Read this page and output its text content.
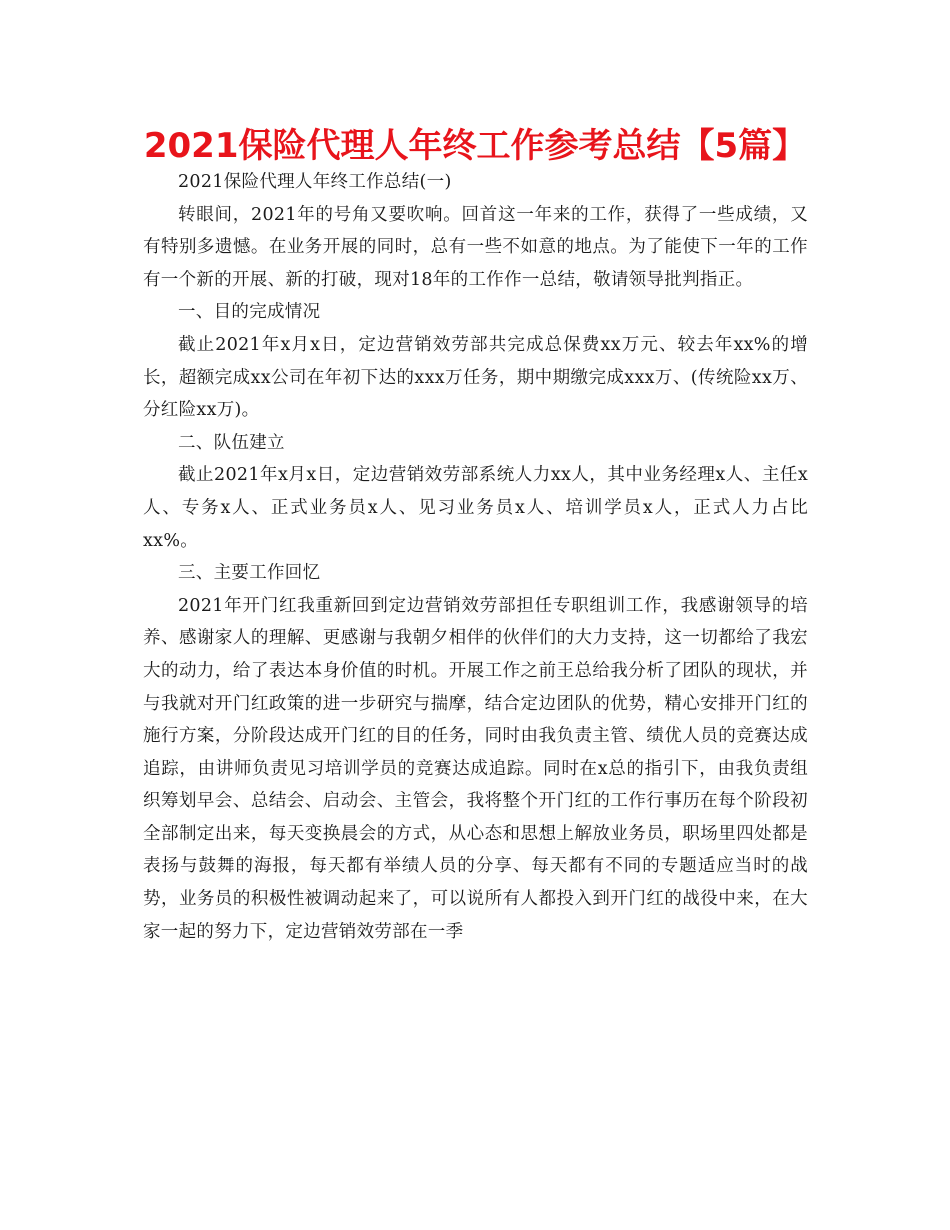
2021保险代理人年终工作参考总结【5篇】

2021保险代理人年终工作总结(一)

转眼间，2021年的号角又要吹响。回首这一年来的工作，获得了一些成绩，又有特别多遗憾。在业务开展的同时，总有一些不如意的地点。为了能使下一年的工作有一个新的开展、新的打破，现对18年的工作作一总结，敬请领导批判指正。

一、目的完成情况

截止2021年x月x日，定边营销效劳部共完成总保费xx万元、较去年xx%的增长，超额完成xx公司在年初下达的xxx万任务，期中期缴完成xxx万、(传统险xx万、分红险xx万)。

二、队伍建立

截止2021年x月x日，定边营销效劳部系统人力xx人，其中业务经理x人、主任x人、专务x人、正式业务员x人、见习业务员x人、培训学员x人，正式人力占比xx%。

三、主要工作回忆

2021年开门红我重新回到定边营销效劳部担任专职组训工作，我感谢领导的培养、感谢家人的理解、更感谢与我朝夕相伴的伙伴们的大力支持，这一切都给了我宏大的动力，给了表达本身价值的时机。开展工作之前王总给我分析了团队的现状，并与我就对开门红政策的进一步研究与揣摩，结合定边团队的优势，精心安排开门红的施行方案，分阶段达成开门红的目的任务，同时由我负责主管、绩优人员的竞赛达成追踪，由讲师负责见习培训学员的竞赛达成追踪。同时在x总的指引下，由我负责组织筹划早会、总结会、启动会、主管会，我将整个开门红的工作行事历在每个阶段初全部制定出来，每天变换晨会的方式，从心态和思想上解放业务员，职场里四处都是表扬与鼓舞的海报，每天都有举绩人员的分享、每天都有不同的专题适应当时的战势，业务员的积极性被调动起来了，可以说所有人都投入到开门红的战役中来，在大家一起的努力下，定边营销效劳部在一季
